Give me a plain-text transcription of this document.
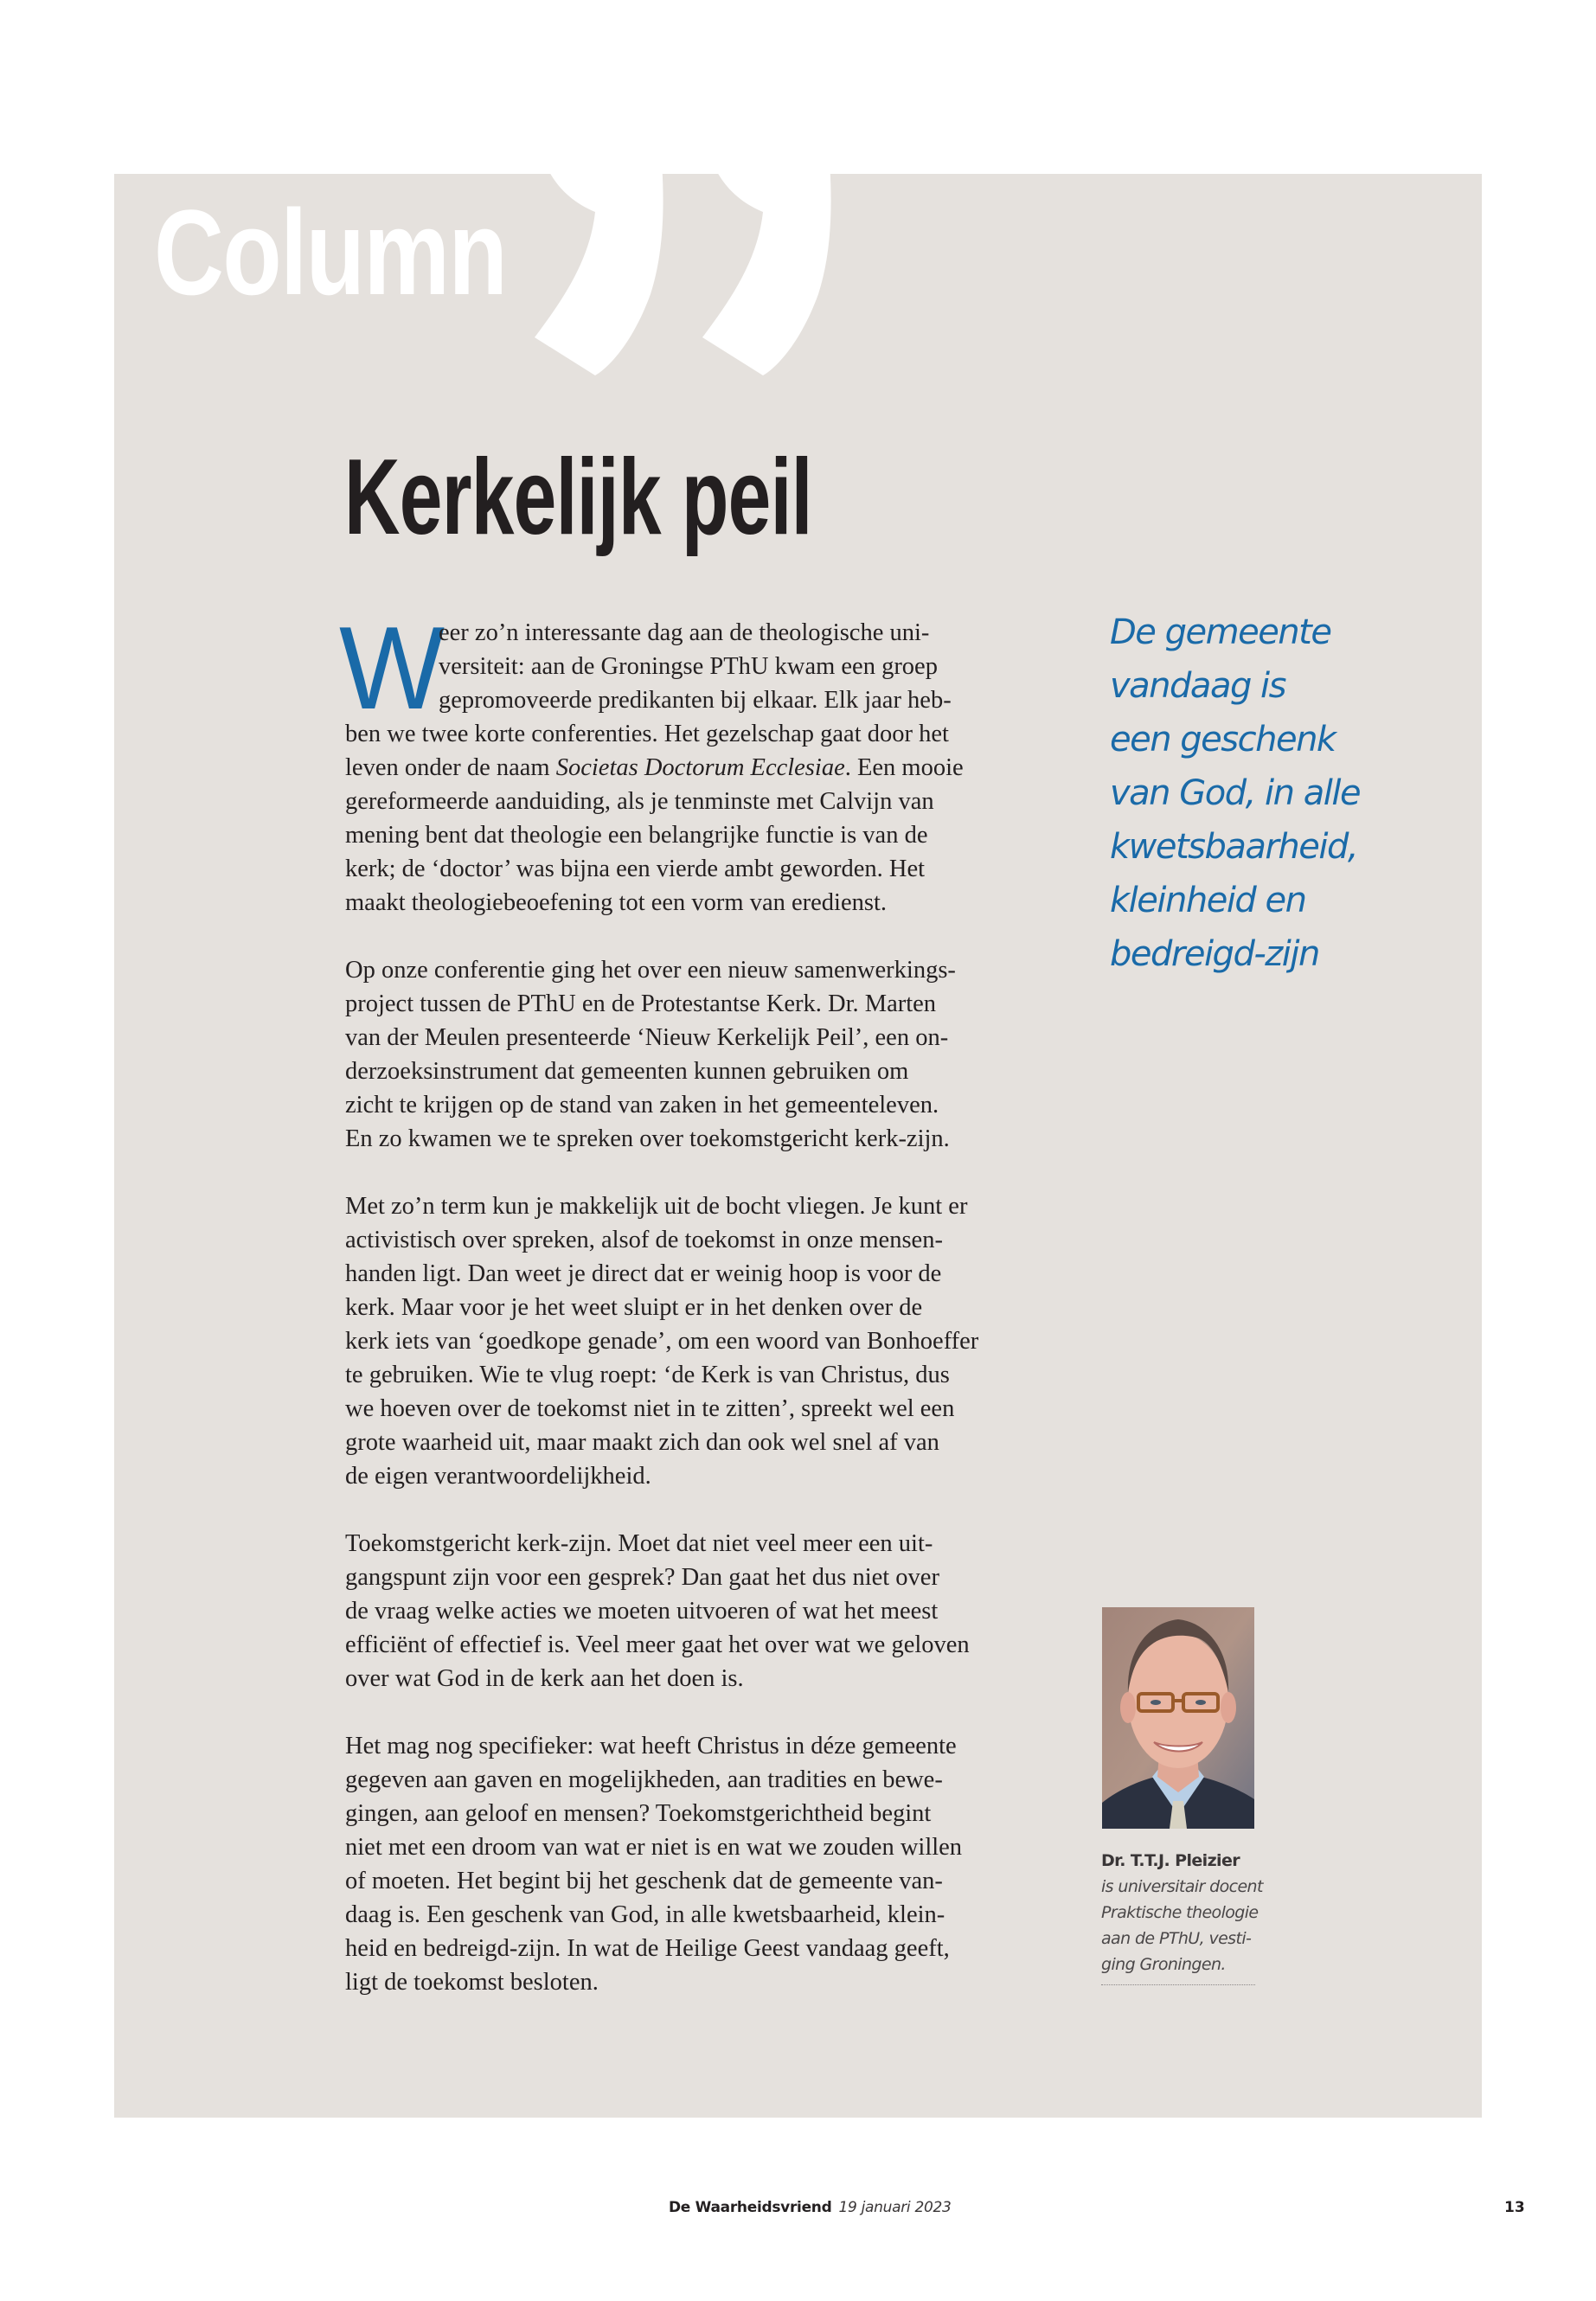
Column
Kerkelijk peil
W
eer zo’n interessante dag aan de theologische uni-
versiteit: aan de Groningse PThU kwam een groep
gepromoveerde predikanten bij elkaar. Elk jaar heb-
ben we twee korte conferenties. Het gezelschap gaat door het
leven onder de naam Societas Doctorum Ecclesiae. Een mooie
gereformeerde aanduiding, als je tenminste met Calvijn van
mening bent dat theologie een belangrijke functie is van de
kerk; de ‘doctor’ was bijna een vierde ambt geworden. Het
maakt theologiebeoefening tot een vorm van eredienst.
Op onze conferentie ging het over een nieuw samenwerkings-
project tussen de PThU en de Protestantse Kerk. Dr. Marten
van der Meulen presenteerde ‘Nieuw Kerkelijk Peil’, een on-
derzoeksinstrument dat gemeenten kunnen gebruiken om
zicht te krijgen op de stand van zaken in het gemeenteleven.
En zo kwamen we te spreken over toekomstgericht kerk-zijn.
Met zo’n term kun je makkelijk uit de bocht vliegen. Je kunt er
activistisch over spreken, alsof de toekomst in onze mensen-
handen ligt. Dan weet je direct dat er weinig hoop is voor de
kerk. Maar voor je het weet sluipt er in het denken over de
kerk iets van ‘goedkope genade’, om een woord van Bonhoeffer
te gebruiken. Wie te vlug roept: ‘de Kerk is van Christus, dus
we hoeven over de toekomst niet in te zitten’, spreekt wel een
grote waarheid uit, maar maakt zich dan ook wel snel af van
de eigen verantwoordelijkheid.
Toekomstgericht kerk-zijn. Moet dat niet veel meer een uit-
gangspunt zijn voor een gesprek? Dan gaat het dus niet over
de vraag welke acties we moeten uitvoeren of wat het meest
efficiënt of effectief is. Veel meer gaat het over wat we geloven
over wat God in de kerk aan het doen is.
Het mag nog specifieker: wat heeft Christus in déze gemeente
gegeven aan gaven en mogelijkheden, aan tradities en bewe-
gingen, aan geloof en mensen? Toekomstgerichtheid begint
niet met een droom van wat er niet is en wat we zouden willen
of moeten. Het begint bij het geschenk dat de gemeente van-
daag is. Een geschenk van God, in alle kwetsbaarheid, klein-
heid en bedreigd-zijn. In wat de Heilige Geest vandaag geeft,
ligt de toekomst besloten.
De gemeente
vandaag is
een geschenk
van God, in alle
kwetsbaarheid,
kleinheid en
bedreigd-zijn
Dr. T.T.J. Pleizier
is universitair docent
Praktische theologie
aan de PThU, vesti-
ging Groningen.
De Waarheidsvriend 19 januari 2023	13
